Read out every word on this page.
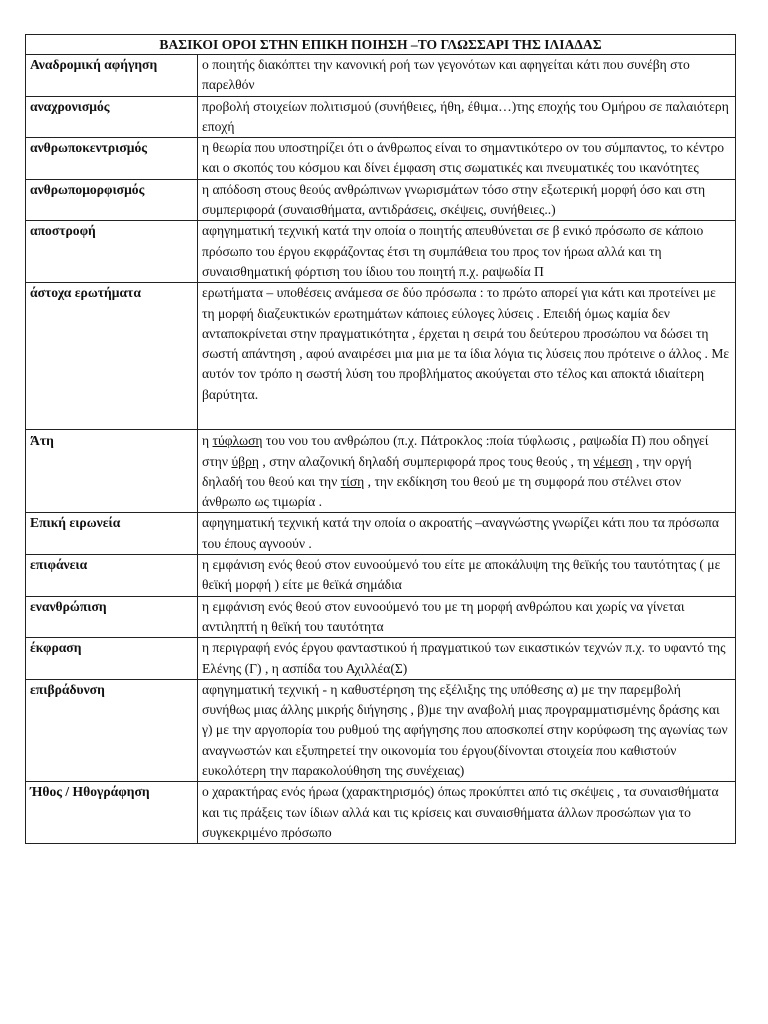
ΒΑΣΙΚΟΙ ΟΡΟΙ ΣΤΗΝ ΕΠΙΚΗ ΠΟΙΗΣΗ –ΤΟ ΓΛΩΣΣΑΡΙ ΤΗΣ ΙΛΙΑΔΑΣ	
Αναδρομική αφήγηση	ο ποιητής διακόπτει την κανονική ροή των γεγονότων και αφηγείται κάτι που συνέβη στο παρελθόν
αναχρονισμός	προβολή στοιχείων πολιτισμού (συνήθειες, ήθη, έθιμα…)της εποχής του Ομήρου σε παλαιότερη εποχή
ανθρωποκεντρισμός	η θεωρία που υποστηρίζει ότι ο άνθρωπος είναι το σημαντικότερο ον του σύμπαντος, το κέντρο και ο σκοπός του κόσμου και δίνει έμφαση στις σωματικές και πνευματικές του ικανότητες
ανθρωπομορφισμός	η απόδοση στους θεούς ανθρώπινων γνωρισμάτων τόσο στην εξωτερική μορφή όσο και στη συμπεριφορά (συναισθήματα, αντιδράσεις, σκέψεις, συνήθειες..)
αποστροφή	αφηγηματική τεχνική κατά την οποία ο ποιητής απευθύνεται σε β ενικό πρόσωπο σε κάποιο πρόσωπο του έργου εκφράζοντας έτσι τη συμπάθεια του προς τον ήρωα αλλά και τη συναισθηματική φόρτιση του ίδιου του ποιητή π.χ. ραψωδία Π
άστοχα ερωτήματα	ερωτήματα – υποθέσεις ανάμεσα σε δύο πρόσωπα : το πρώτο απορεί για κάτι και προτείνει με τη μορφή διαζευκτικών ερωτημάτων κάποιες εύλογες λύσεις . Επειδή όμως καμία δεν ανταποκρίνεται στην πραγματικότητα , έρχεται η σειρά του δεύτερου προσώπου να δώσει τη σωστή απάντηση , αφού αναιρέσει μια μια με τα ίδια λόγια τις λύσεις που πρότεινε ο άλλος . Με αυτόν τον τρόπο η σωστή λύση του προβλήματος ακούγεται στο τέλος και αποκτά ιδιαίτερη βαρύτητα.
Άτη	η τύφλωση του νου του ανθρώπου (π.χ. Πάτροκλος :ποία τύφλωσις , ραψωδία Π) που οδηγεί στην ύβρη , στην αλαζονική δηλαδή συμπεριφορά προς τους θεούς , τη νέμεση , την οργή δηλαδή του θεού και την τίση , την εκδίκηση του θεού με τη συμφορά που στέλνει στον άνθρωπο ως τιμωρία .
Επική ειρωνεία	αφηγηματική τεχνική κατά την οποία ο ακροατής –αναγνώστης γνωρίζει κάτι που τα πρόσωπα του έπους αγνοούν .
επιφάνεια	η εμφάνιση ενός θεού στον ευνοούμενό του είτε με αποκάλυψη της θεϊκής του ταυτότητας ( με θεϊκή μορφή ) είτε με θεϊκά σημάδια
ενανθρώπιση	η εμφάνιση ενός θεού στον ευνοούμενό του με τη μορφή ανθρώπου και χωρίς να γίνεται αντιληπτή η θεϊκή του ταυτότητα
έκφραση	η περιγραφή ενός έργου φανταστικού ή πραγματικού των εικαστικών τεχνών π.χ. το υφαντό της Ελένης (Γ) , η ασπίδα του Αχιλλέα(Σ)
επιβράδυνση	αφηγηματική τεχνική - η καθυστέρηση της εξέλιξης της υπόθεσης α) με την παρεμβολή συνήθως μιας άλλης μικρής διήγησης , β)με την αναβολή μιας προγραμματισμένης δράσης και γ) με την αργοπορία του ρυθμού της αφήγησης που αποσκοπεί στην κορύφωση της αγωνίας των αναγνωστών και εξυπηρετεί την οικονομία του έργου(δίνονται στοιχεία που καθιστούν ευκολότερη την παρακολούθηση της συνέχειας)
Ήθος / Ηθογράφηση	ο χαρακτήρας ενός ήρωα (χαρακτηρισμός) όπως προκύπτει από τις σκέψεις , τα συναισθήματα και τις πράξεις των ίδιων αλλά και τις κρίσεις και συναισθήματα άλλων προσώπων για το συγκεκριμένο πρόσωπο
